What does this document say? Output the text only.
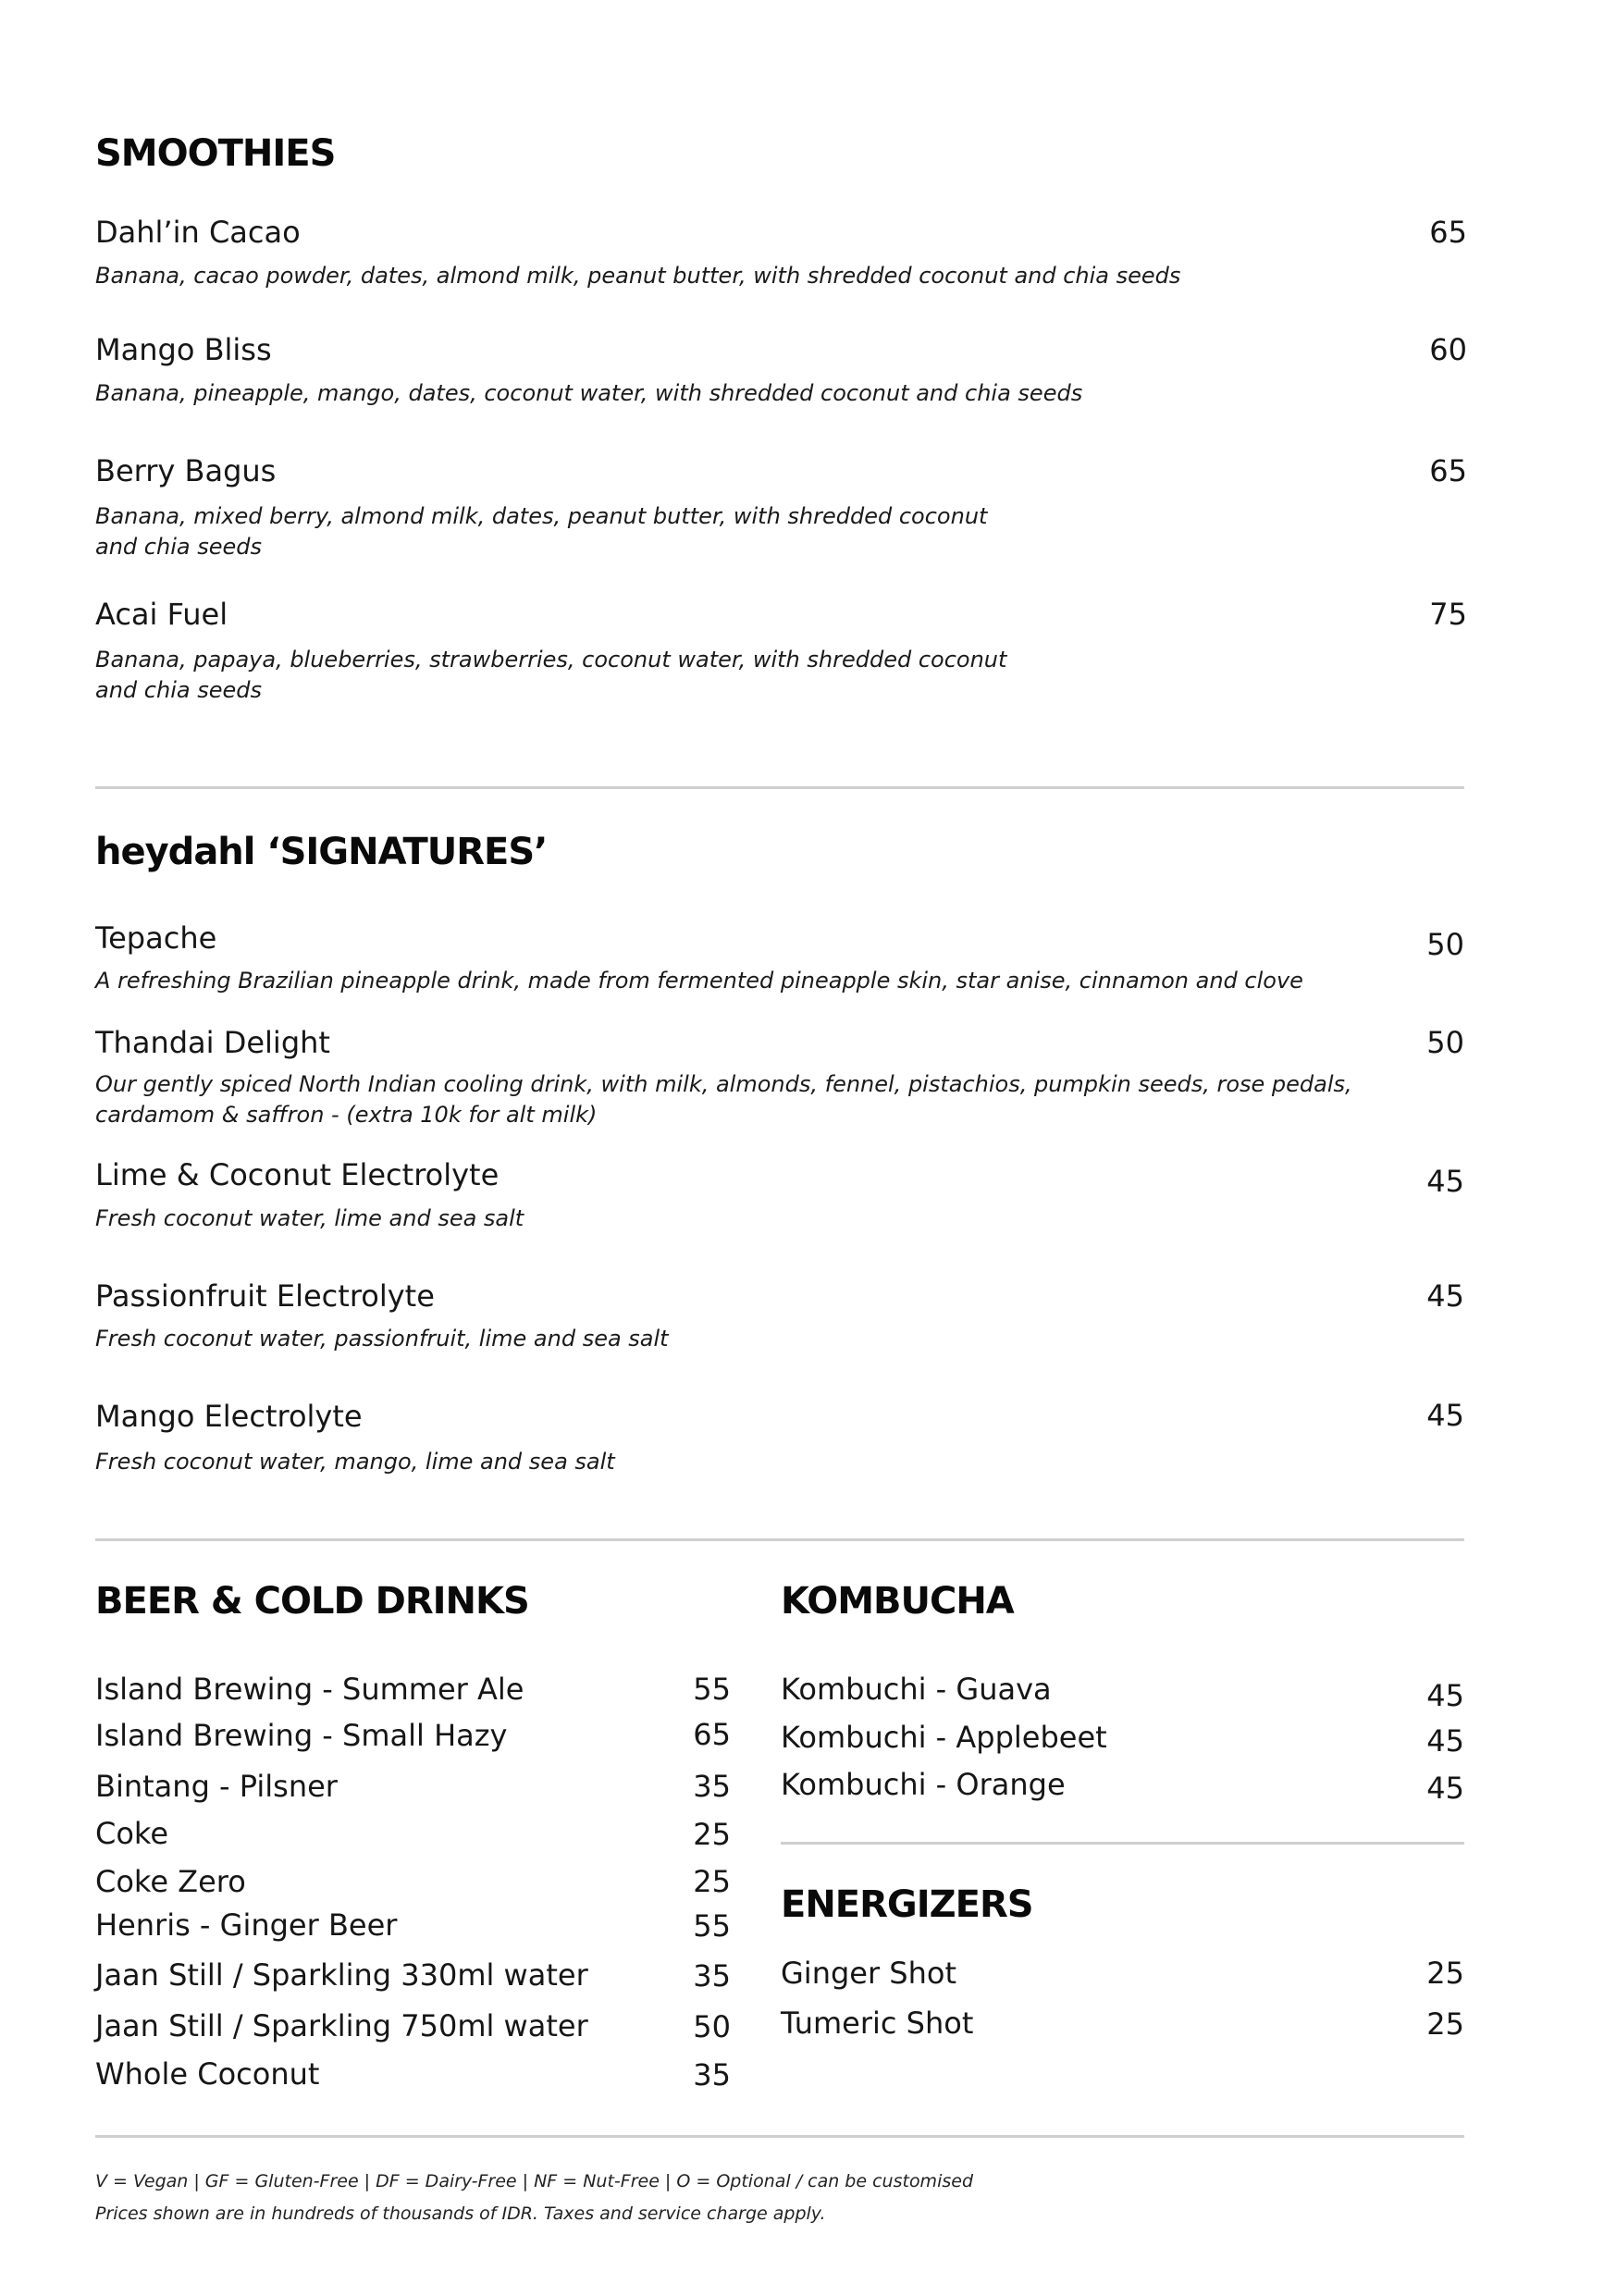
SMOOTHIES
Dahl’in Cacao	65
Banana, cacao powder, dates, almond milk, peanut butter, with shredded coconut and chia seeds
Mango Bliss	60
Banana, pineapple, mango, dates, coconut water, with shredded coconut and chia seeds
Berry Bagus	65
Banana, mixed berry, almond milk, dates, peanut butter, with shredded coconut
and chia seeds
Acai Fuel	75
Banana, papaya, blueberries, strawberries, coconut water, with shredded coconut
and chia seeds
heydahl ‘SIGNATURES’
Tepache	50
A refreshing Brazilian pineapple drink, made from fermented pineapple skin, star anise, cinnamon and clove
Thandai Delight	50
Our gently spiced North Indian cooling drink, with milk, almonds, fennel, pistachios, pumpkin seeds, rose pedals,
cardamom & saffron - (extra 10k for alt milk)
Lime & Coconut Electrolyte	45
Fresh coconut water, lime and sea salt
Passionfruit Electrolyte	45
Fresh coconut water, passionfruit, lime and sea salt
Mango Electrolyte	45
Fresh coconut water, mango, lime and sea salt
BEER & COLD DRINKS
Island Brewing - Summer Ale	55
Island Brewing - Small Hazy	65
Bintang - Pilsner	35
Coke	25
Coke Zero	25
Henris - Ginger Beer	55
Jaan Still / Sparkling 330ml water	35
Jaan Still / Sparkling 750ml water	50
Whole Coconut	35
KOMBUCHA
Kombuchi - Guava	45
Kombuchi - Applebeet	45
Kombuchi - Orange	45
ENERGIZERS
Ginger Shot	25
Tumeric Shot	25
V = Vegan | GF = Gluten-Free | DF = Dairy-Free | NF = Nut-Free | O = Optional / can be customised
Prices shown are in hundreds of thousands of IDR. Taxes and service charge apply.
